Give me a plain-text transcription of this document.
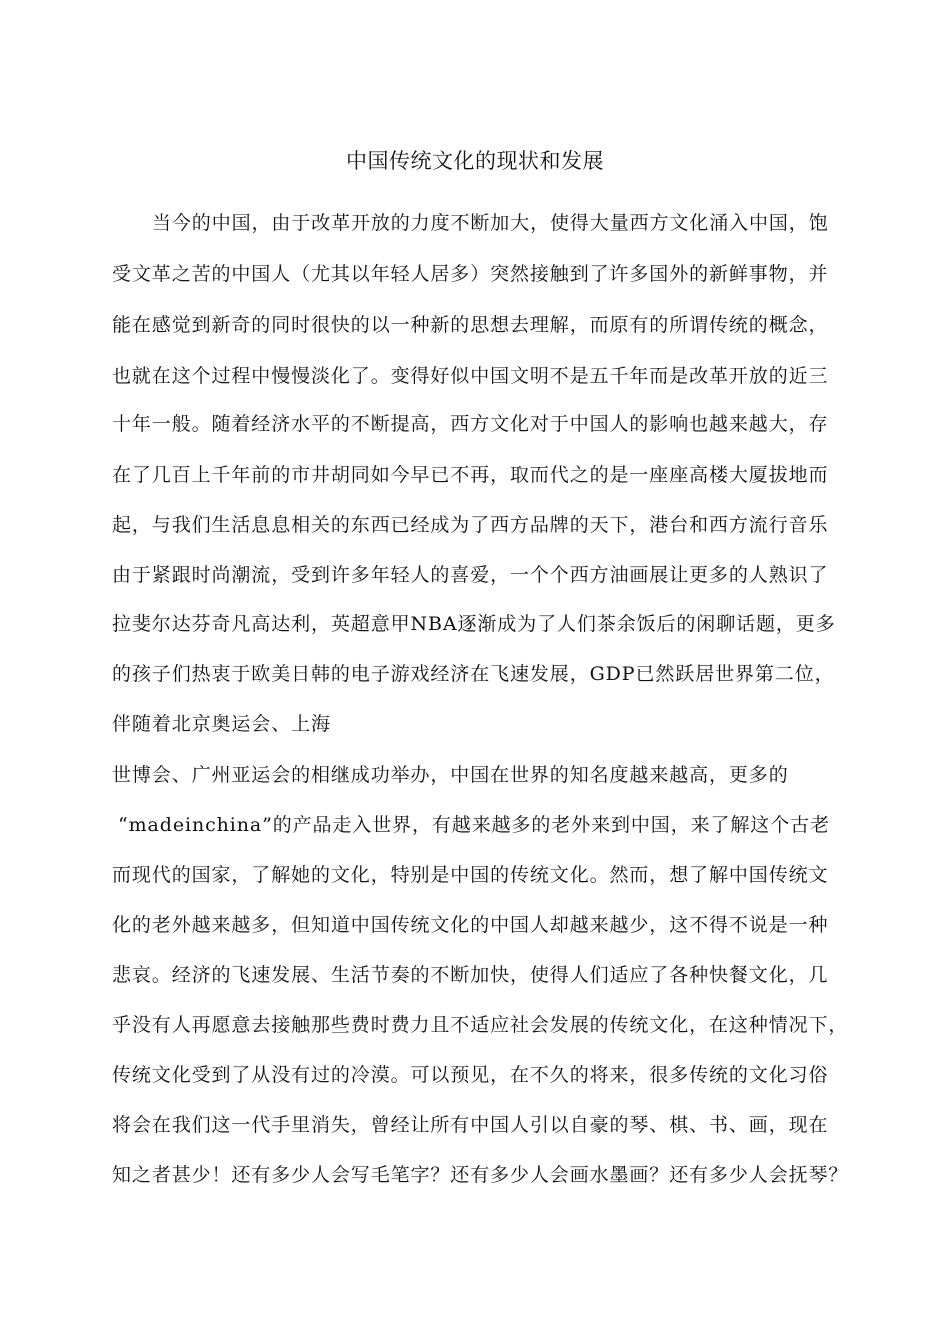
中国传统文化的现状和发展
当今的中国，由于改革开放的力度不断加大，使得大量西方文化涌入中国，饱
受文革之苦的中国人（尤其以年轻人居多）突然接触到了许多国外的新鲜事物，并
能在感觉到新奇的同时很快的以一种新的思想去理解，而原有的所谓传统的概念，
也就在这个过程中慢慢淡化了。变得好似中国文明不是五千年而是改革开放的近三
十年一般。随着经济水平的不断提高，西方文化对于中国人的影响也越来越大，存
在了几百上千年前的市井胡同如今早已不再，取而代之的是一座座高楼大厦拔地而
起，与我们生活息息相关的东西已经成为了西方品牌的天下，港台和西方流行音乐
由于紧跟时尚潮流，受到许多年轻人的喜爱，一个个西方油画展让更多的人熟识了
拉斐尔达芬奇凡高达利，英超意甲NBA逐渐成为了人们茶余饭后的闲聊话题，更多
的孩子们热衷于欧美日韩的电子游戏经济在飞速发展，GDP已然跃居世界第二位，
伴随着北京奥运会、上海
世博会、广州亚运会的相继成功举办，中国在世界的知名度越来越高，更多的
“madeinchina”的产品走入世界，有越来越多的老外来到中国，来了解这个古老
而现代的国家，了解她的文化，特别是中国的传统文化。然而，想了解中国传统文
化的老外越来越多，但知道中国传统文化的中国人却越来越少，这不得不说是一种
悲哀。经济的飞速发展、生活节奏的不断加快，使得人们适应了各种快餐文化，几
乎没有人再愿意去接触那些费时费力且不适应社会发展的传统文化，在这种情况下，
传统文化受到了从没有过的冷漠。可以预见，在不久的将来，很多传统的文化习俗
将会在我们这一代手里消失，曾经让所有中国人引以自豪的琴、棋、书、画，现在
知之者甚少！还有多少人会写毛笔字？还有多少人会画水墨画？还有多少人会抚琴？
